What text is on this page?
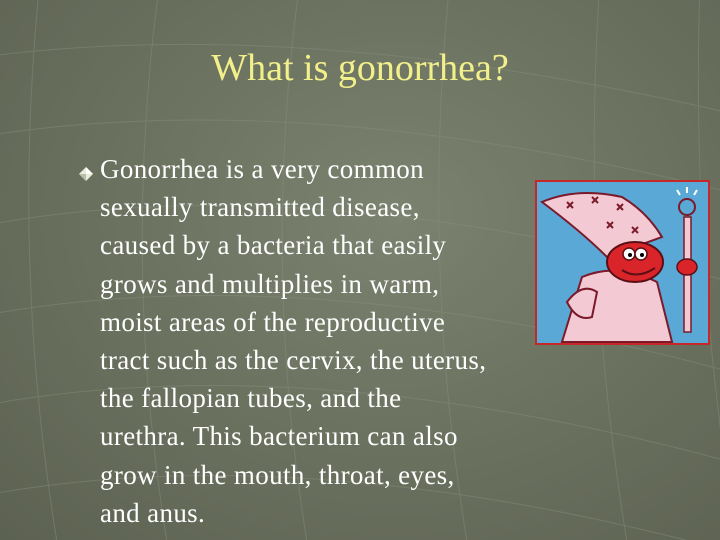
What is gonorrhea?
Gonorrhea is a very common
sexually transmitted disease,
caused by a bacteria that easily
grows and multiplies in warm,
moist areas of the reproductive
tract such as the cervix, the uterus,
the fallopian tubes, and the
urethra. This bacterium can also
grow in the mouth, throat, eyes,
and anus.
